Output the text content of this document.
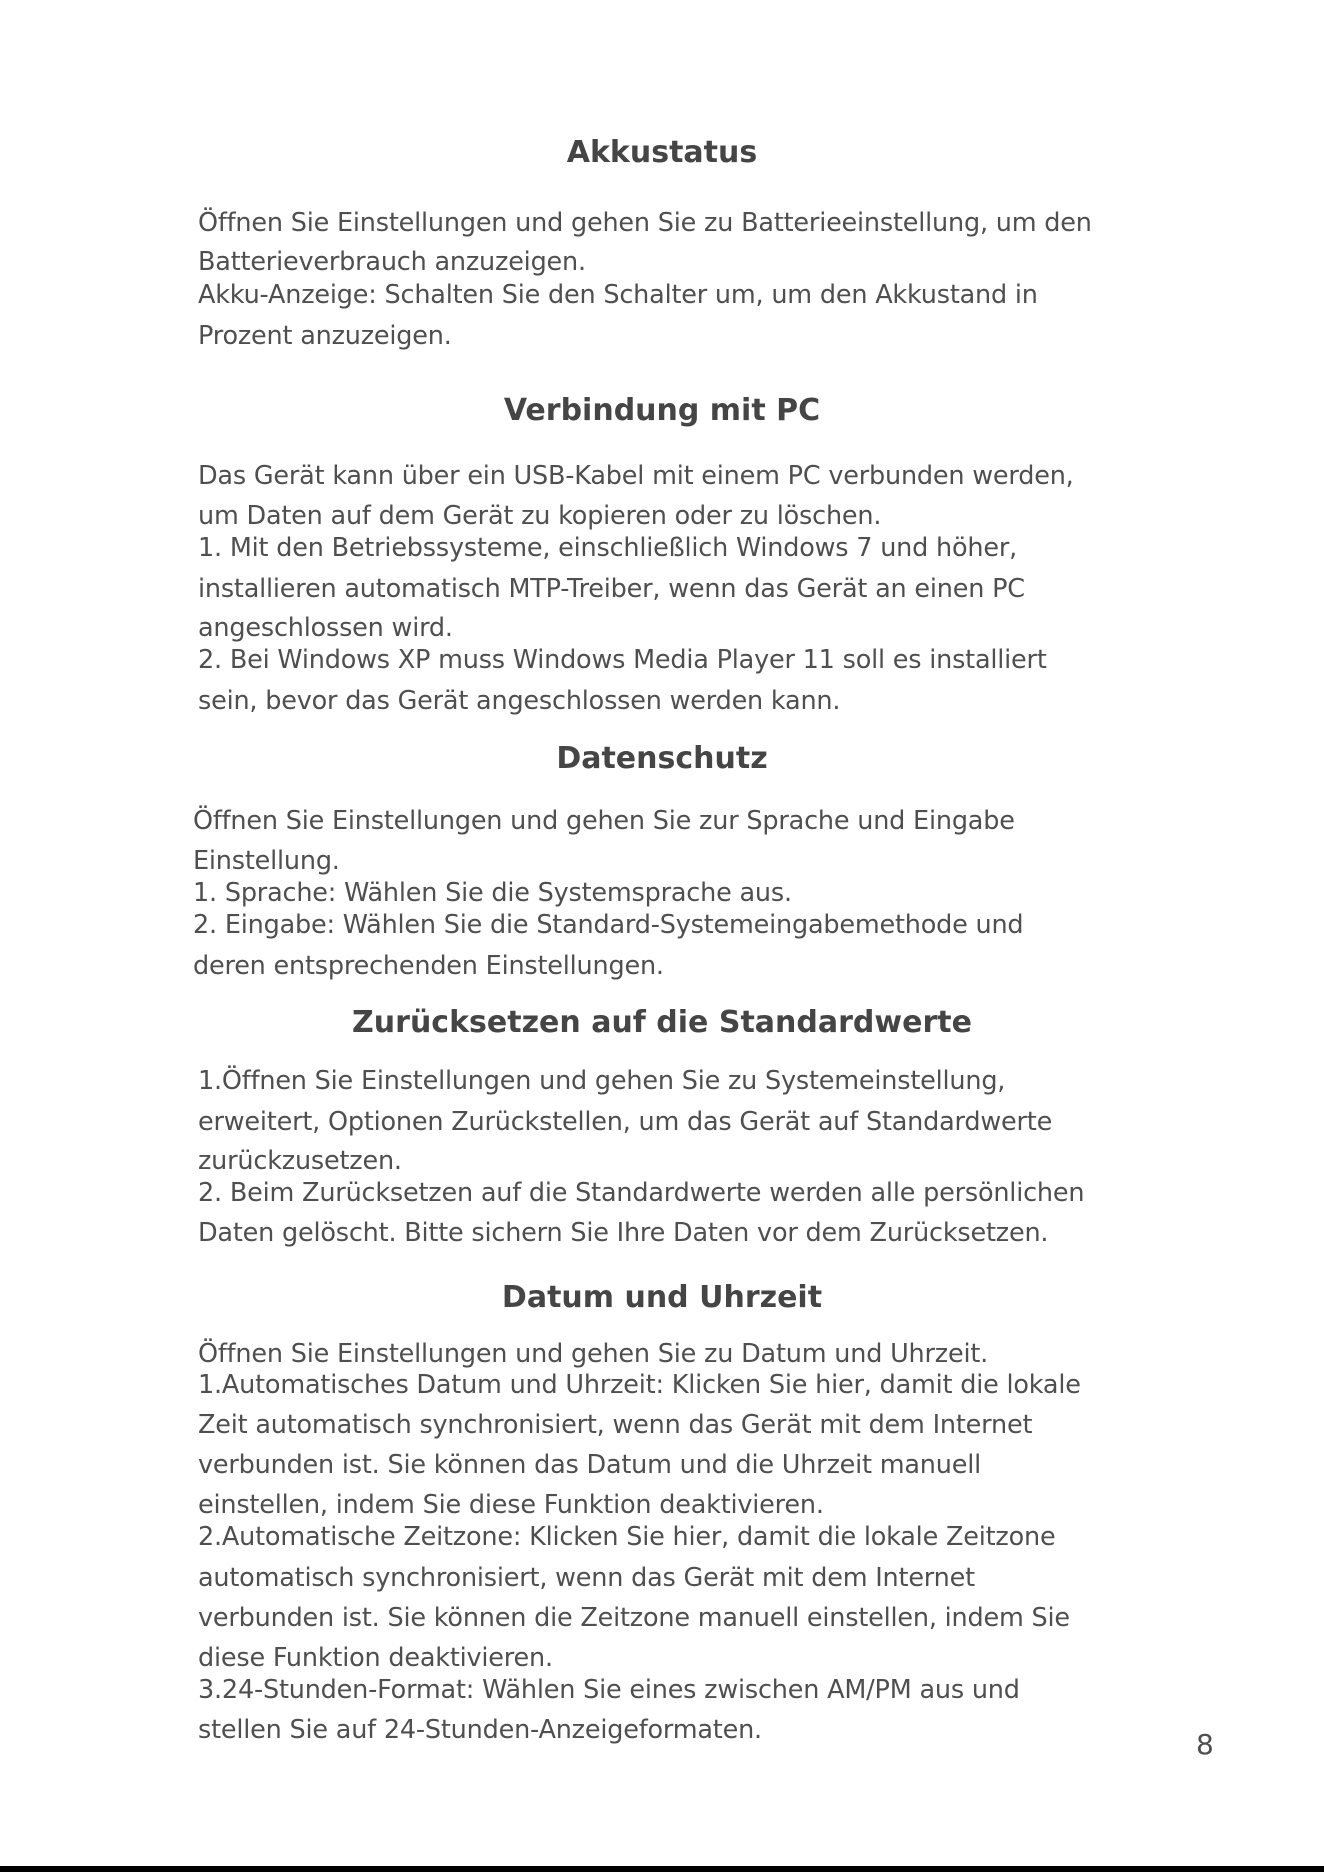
Akkustatus
Öffnen Sie Einstellungen und gehen Sie zu Batterieeinstellung, um den
Batterieverbrauch anzuzeigen.
Akku-Anzeige: Schalten Sie den Schalter um, um den Akkustand in
Prozent anzuzeigen.
Verbindung mit PC
Das Gerät kann über ein USB-Kabel mit einem PC verbunden werden,
um Daten auf dem Gerät zu kopieren oder zu löschen.
1. Mit den Betriebssysteme, einschließlich Windows 7 und höher,
installieren automatisch MTP-Treiber, wenn das Gerät an einen PC
angeschlossen wird.
2. Bei Windows XP muss Windows Media Player 11 soll es installiert
sein, bevor das Gerät angeschlossen werden kann.
Datenschutz
Öffnen Sie Einstellungen und gehen Sie zur Sprache und Eingabe
Einstellung.
1. Sprache: Wählen Sie die Systemsprache aus.
2. Eingabe: Wählen Sie die Standard-Systemeingabemethode und
deren entsprechenden Einstellungen.
Zurücksetzen auf die Standardwerte
1.Öffnen Sie Einstellungen und gehen Sie zu Systemeinstellung,
erweitert, Optionen Zurückstellen, um das Gerät auf Standardwerte
zurückzusetzen.
2. Beim Zurücksetzen auf die Standardwerte werden alle persönlichen
Daten gelöscht. Bitte sichern Sie Ihre Daten vor dem Zurücksetzen.
Datum und Uhrzeit
Öffnen Sie Einstellungen und gehen Sie zu Datum und Uhrzeit.
1.Automatisches Datum und Uhrzeit: Klicken Sie hier, damit die lokale
Zeit automatisch synchronisiert, wenn das Gerät mit dem Internet
verbunden ist. Sie können das Datum und die Uhrzeit manuell
einstellen, indem Sie diese Funktion deaktivieren.
2.Automatische Zeitzone: Klicken Sie hier, damit die lokale Zeitzone
automatisch synchronisiert, wenn das Gerät mit dem Internet
verbunden ist. Sie können die Zeitzone manuell einstellen, indem Sie
diese Funktion deaktivieren.
3.24-Stunden-Format: Wählen Sie eines zwischen AM/PM aus und
stellen Sie auf 24-Stunden-Anzeigeformaten.	8
